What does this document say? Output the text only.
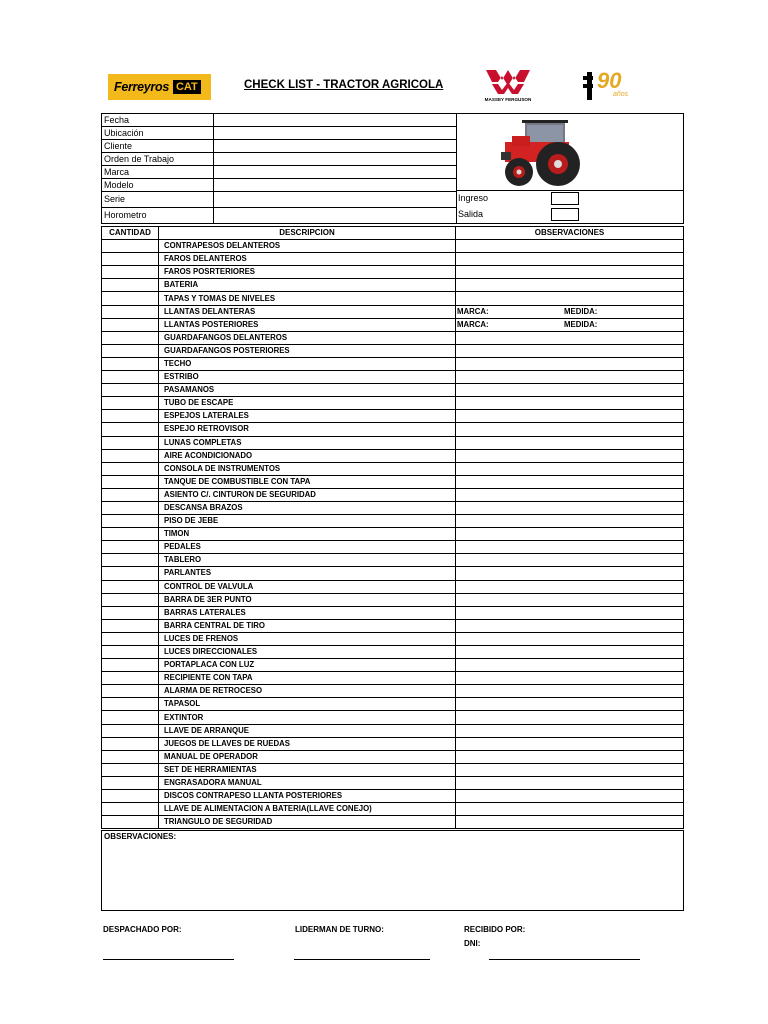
Ferreyros CAT	CHECK LIST - TRACTOR AGRICOLA
MASSEY FERGUSON
90
años
Fecha	
Ubicación	
Cliente	
Orden de Trabajo	
Marca	
Modelo	
Serie	
Horometro	
Ingreso
Salida
CANTIDAD	DESCRIPCION	OBSERVACIONES
	CONTRAPESOS DELANTEROS	
	FAROS DELANTEROS	
	FAROS POSRTERIORES	
	BATERIA	
	TAPAS Y TOMAS DE NIVELES	
	LLANTAS DELANTERAS	MARCA: MEDIDA:

	LLANTAS POSTERIORES	MARCA: MEDIDA:

	GUARDAFANGOS DELANTEROS	
	GUARDAFANGOS POSTERIORES	
	TECHO	
	ESTRIBO	
	PASAMANOS	
	TUBO DE ESCAPE	
	ESPEJOS LATERALES	
	ESPEJO RETROVISOR	
	LUNAS COMPLETAS	
	AIRE ACONDICIONADO	
	CONSOLA DE INSTRUMENTOS	
	TANQUE DE COMBUSTIBLE CON TAPA	
	ASIENTO C/. CINTURON DE SEGURIDAD	
	DESCANSA BRAZOS	
	PISO DE JEBE	
	TIMON	
	PEDALES	
	TABLERO	
	PARLANTES	
	CONTROL DE VALVULA	
	BARRA DE 3ER PUNTO	
	BARRAS LATERALES	
	BARRA CENTRAL DE TIRO	
	LUCES DE FRENOS	
	LUCES DIRECCIONALES	
	PORTAPLACA CON LUZ	
	RECIPIENTE CON TAPA	
	ALARMA DE RETROCESO	
	TAPASOL	
	EXTINTOR	
	LLAVE DE ARRANQUE	
	JUEGOS DE LLAVES DE RUEDAS	
	MANUAL DE OPERADOR	
	SET DE HERRAMIENTAS	
	ENGRASADORA MANUAL	
	DISCOS CONTRAPESO LLANTA POSTERIORES	
	LLAVE DE ALIMENTACION A BATERIA(LLAVE CONEJO)	
	TRIANGULO DE SEGURIDAD	
OBSERVACIONES:
DESPACHADO POR:	LIDERMAN DE TURNO:	RECIBIDO POR:
DNI:
